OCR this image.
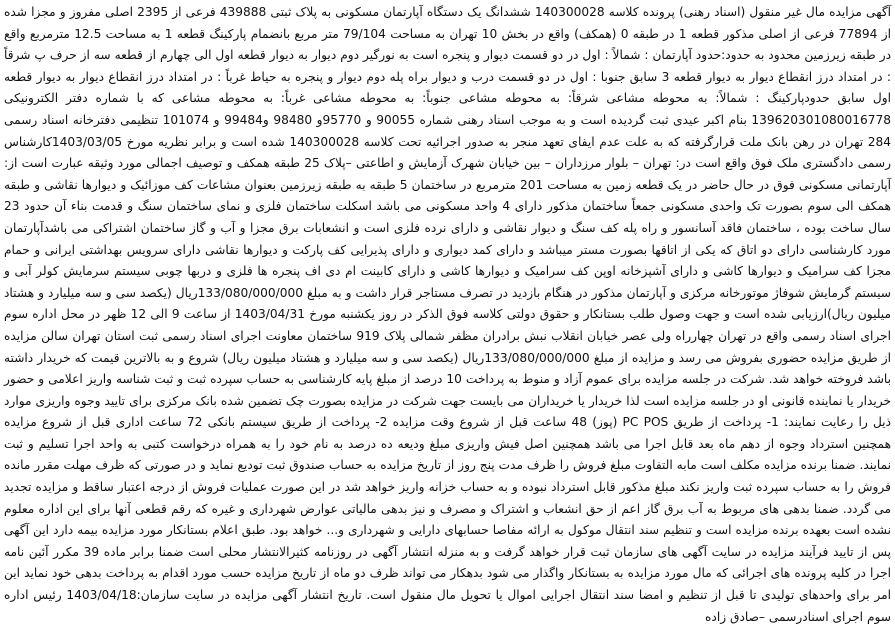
آگهی مزایده مال غیر منقول (اسناد رهنی) پرونده کلاسه 140300028 ششدانگ یک دستگاه آپارتمان مسکونی به پلاک ثبتی 439888 فرعی از 2395 اصلی مفروز و مجزا شده از 77894 فرعی از اصلی مذکور قطعه 1 در طبقه 0 (همکف) واقع در بخش 10 تهران به مساحت 79/104 متر مربع بانضمام پارکینگ قطعه 1 به مساحت 12.5 مترمربع واقع در طبقه زیرزمین محدود به حدود:حدود آپارتمان : شمالاً : اول در دو قسمت دیوار و پنجره است به نورگیر دوم دیوار به دیوار قطعه اول الی چهارم از قطعه سه از حرف پ شرقاً : در امتداد درز انقطاع دیوار به دیوار قطعه 3 سابق جنوبا : اول در دو قسمت درب و دیوار براه پله دوم دیوار و پنجره به حیاط غرباً : در امتداد درز انقطاع دیوار به دیوار قطعه اول سابق حدودپارکینگ : شمالاً: به محوطه مشاعی شرقاً: به محوطه مشاعی جنوباً: به محوطه مشاعی غرباً: به محوطه مشاعی که با شماره دفتر الکترونیکی 139620301080016778 بنام اکبر عیدی ثبت گردیده است و به موجب اسناد رهنی شماره 90055 و 95770و 98480 و99484 و 101074 تنظیمی دفترخانه اسناد رسمی 284 تهران در رهن بانک ملت قرارگرفته که به علت عدم ایفای تعهد منجر به صدور اجرائیه تحت کلاسه 140300028 شده است و برابر نظریه مورخ 1403/03/05کارشناس رسمی دادگستری ملک فوق واقع است در: تهران – بلوار مرزداران – بین خیابان شهرک آزمایش و اطاعتی –پلاک 25 طبقه همکف و توصیف اجمالی مورد وثیقه عبارت است از: آپارتمانی مسکونی فوق در حال حاضر در یک قطعه زمین به مساحت 201 مترمربع در ساختمان 5 طبقه به طبقه زیرزمین بعنوان مشاعات کف موزائیک و دیوارها نقاشی و طبقه همکف الی سوم بصورت تک واحدی مسکونی جمعاً ساختمان مذکور دارای 4 واحد مسکونی می باشد اسکلت ساختمان فلزی و نمای ساختمان سنگ و قدمت بناء آن حدود 23 سال ساخت بوده ، ساختمان فاقد آسانسور و راه پله کف سنگ و دیوار نقاشی و دارای نرده فلزی است و انشعابات برق مجزا و آب و گاز ساختمان اشتراکی می باشدآپارتمان مورد کارشناسی دارای دو اتاق که یکی از اتاقها بصورت مستر میباشد و دارای کمد دیواری و دارای پذیرایی کف پارکت و دیوارها نقاشی دارای سرویس بهداشتی ایرانی و حمام مجزا کف سرامیک و دیوارها کاشی و دارای آشپزخانه اوپن کف سرامیک و دیوارها کاشی و دارای کابینت ام دی اف پنجره ها فلزی و دربها چوبی سیستم سرمایش کولر آبی و سیستم گرمایش شوفاژ موتورخانه مرکزی و آپارتمان مذکور در هنگام بازدید در تصرف مستاجر قرار داشت و به مبلغ 133/080/000/000ریال (یکصد سی و سه میلیارد و هشتاد میلیون ریال)ارزیابی شده است و جهت وصول طلب بستانکار و حقوق دولتی کلاسه فوق الذکر در روز یکشنبه مورخ 1403/04/31 از ساعت 9 الی 12 ظهر در محل اداره سوم اجرای اسناد رسمی واقع در تهران چهارراه ولی عصر خیابان انقلاب نبش برادران مظفر شمالی پلاک 919 ساختمان معاونت اجرای اسناد رسمی ثبت استان تهران سالن مزایده از طریق مزایده حضوری بفروش می رسد و مزایده از مبلغ 133/080/000/000ریال (یکصد سی و سه میلیارد و هشتاد میلیون ریال) شروع و به بالاترین قیمت که خریدار داشته باشد فروخته خواهد شد. شرکت در جلسه مزایده برای عموم آزاد و منوط به پرداخت 10 درصد از مبلغ پایه کارشناسی به حساب سپرده ثبت و ثبت شناسه واریز اعلامی و حضور خریدار یا نماینده قانونی او در جلسه مزایده است لذا خریدار یا خریداران می بایست جهت شرکت در مزایده بصورت چک تضمین شده بانک مرکزی برای تایید وجوه واریزی موارد ذیل را رعایت نمایند: 1- پرداخت از طریق PC POS (پوز) 48 ساعت قبل از شروع وقت مزایده 2- پرداخت از طریق سیستم بانکی 72 ساعت اداری قبل از شروع مزایده همچنین استرداد وجوه از دهم ماه بعد قابل اجرا می باشد همچنین اصل فیش واریزی مبلغ ودیعه ده درصد به نام خود را به همراه درخواست کتبی به واحد اجرا تسلیم و ثبت نمایند. ضمنا برنده مزایده مکلف است مابه التفاوت مبلغ فروش را ظرف مدت پنج روز از تاریخ مزایده به حساب صندوق ثبت تودیع نماید و در صورتی که ظرف مهلت مقرر مانده فروش را به حساب سپرده ثبت واریز نکند مبلغ مذکور قابل استرداد نبوده و به حساب خزانه واریز خواهد شد در این صورت عملیات فروش از درجه اعتبار ساقط و مزایده تجدید می گردد. ضمنا بدهی های مربوط به آب برق گاز اعم از حق انشعاب و اشتراک و مصرف و نیز بدهی مالیاتی عوارض شهرداری و غیره که رقم قطعی آنها برای این اداره معلوم نشده است بعهده برنده مزایده است و تنظیم سند انتقال موکول به ارائه مفاصا حسابهای دارایی و شهرداری و... خواهد بود. طبق اعلام بستانکار مورد مزایده بیمه دارد این آگهی پس از تایید فرآیند مزایده در سایت آگهی های سازمان ثبت قرار خواهد گرفت و به منزله انتشار آگهی در روزنامه کثیرالانتشار محلی است ضمنا برابر ماده 39 مکرر آئین نامه اجرا در کلیه پرونده های اجرائی که مال مورد مزایده به بستانکار واگذار می شود بدهکار می تواند ظرف دو ماه از تاریخ مزایده حسب مورد اقدام به پرداخت بدهی خود نماید این امر برای واحدهای تولیدی تا قبل از تنظیم و امضا سند انتقال اجرایی اموال یا تحویل مال منقول است. تاریخ انتشار آگهی مزایده در سایت سازمان:1403/04/18 رئیس اداره سوم اجرای اسنادرسمی –صادق زاده
